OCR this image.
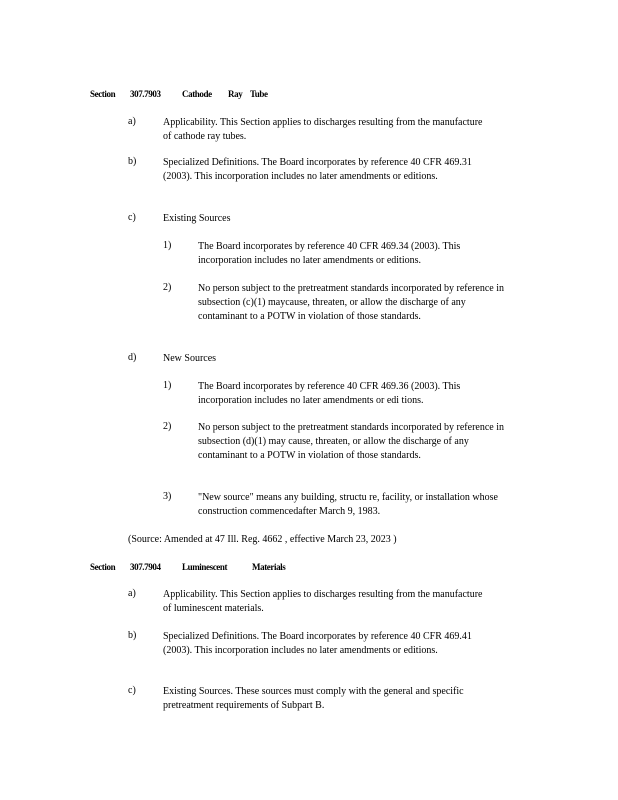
Section 307.7903 Cathode Ray Tube
a)	Applicability. This Section applies to discharges resulting from the manufacture of cathode ray tubes.
b)	Specialized Definitions. The Board incorporates by reference 40 CFR 469.31 (2003). This incorporation includes no later amendments or editions.
c)	Existing Sources
1)	The Board incorporates by reference 40 CFR 469.34 (2003). This incorporation includes no later amendments or editions.
2)	No person subject to the pretreatment standards incorporated by reference in subsection (c)(1) maycause, threaten, or allow the discharge of any contaminant to a POTW in violation of those standards.
d)	New Sources
1)	The Board incorporates by reference 40 CFR 469.36 (2003). This incorporation includes no later amendments or edi tions.
2)	No person subject to the pretreatment standards incorporated by reference in subsection (d)(1) may cause, threaten, or allow the discharge of any contaminant to a POTW in violation of those standards.
3)	"New source" means any building, structu re, facility, or installation whose construction commencedafter March 9, 1983.
(Source: Amended at 47 Ill. Reg. 4662 , effective March 23, 2023 )
Section 307.7904 Luminescent	Materials
a)	Applicability. This Section applies to discharges resulting from the manufacture of luminescent materials.
b)	Specialized Definitions. The Board incorporates by reference 40 CFR 469.41 (2003). This incorporation includes no later amendments or editions.
c)	Existing Sources. These sources must comply with the general and specific pretreatment requirements of Subpart B.
